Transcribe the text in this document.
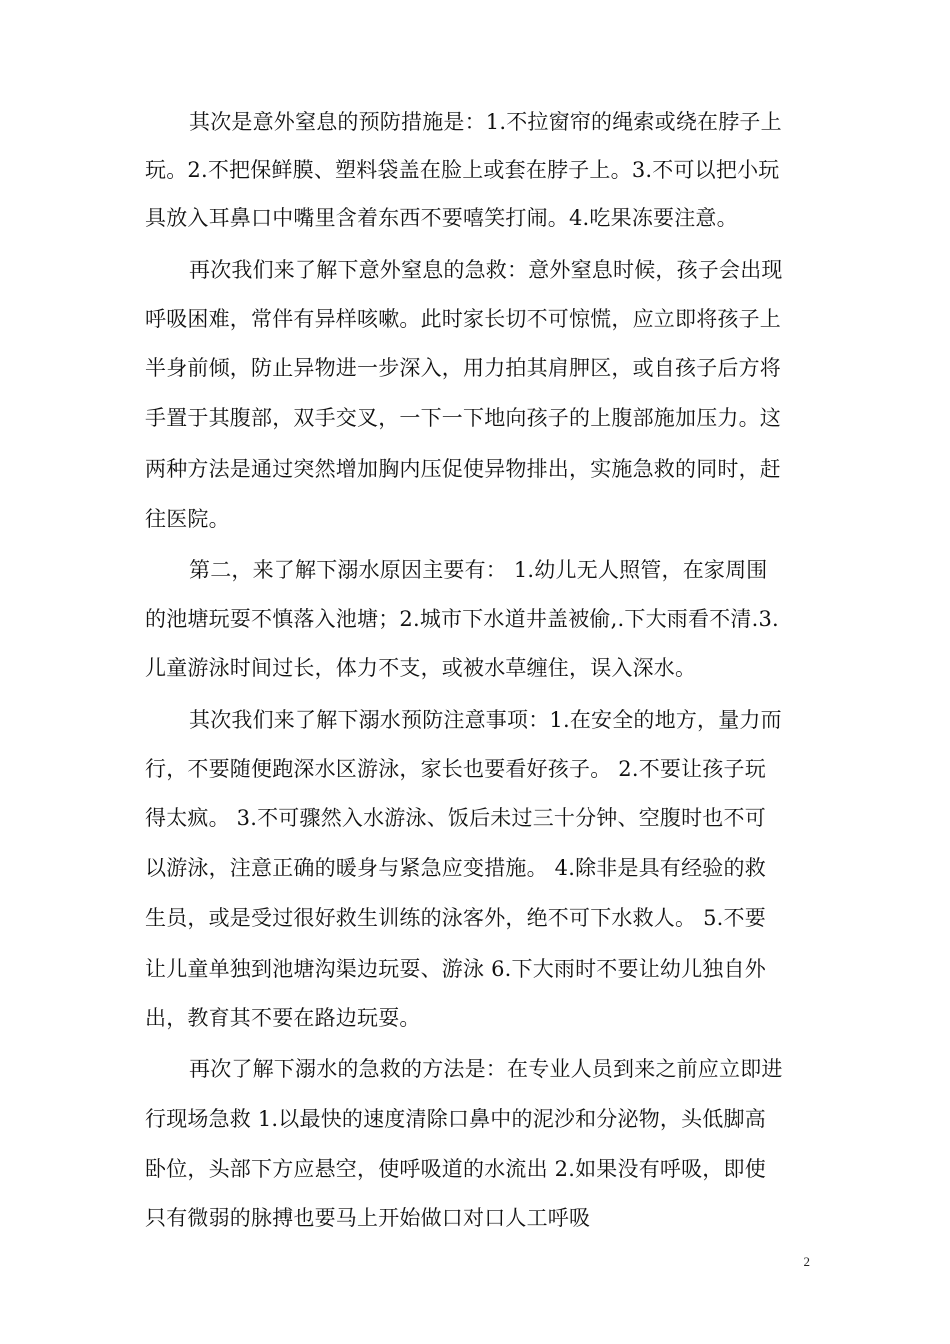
其次是意外窒息的预防措施是：1.不拉窗帘的绳索或绕在脖子上
玩。2.不把保鲜膜、塑料袋盖在脸上或套在脖子上。3.不可以把小玩
具放入耳鼻口中嘴里含着东西不要嘻笑打闹。4.吃果冻要注意。
再次我们来了解下意外窒息的急救：意外窒息时候，孩子会出现
呼吸困难，常伴有异样咳嗽。此时家长切不可惊慌，应立即将孩子上
半身前倾，防止异物进一步深入，用力拍其肩胛区，或自孩子后方将
手置于其腹部，双手交叉，一下一下地向孩子的上腹部施加压力。这
两种方法是通过突然增加胸内压促使异物排出，实施急救的同时，赶
往医院。
第二，来了解下溺水原因主要有： 1.幼儿无人照管，在家周围
的池塘玩耍不慎落入池塘；2.城市下水道井盖被偷,.下大雨看不清.3.
儿童游泳时间过长，体力不支，或被水草缠住，误入深水。
其次我们来了解下溺水预防注意事项：1.在安全的地方，量力而
行，不要随便跑深水区游泳，家长也要看好孩子。 2.不要让孩子玩
得太疯。 3.不可骤然入水游泳、饭后未过三十分钟、空腹时也不可
以游泳，注意正确的暖身与紧急应变措施。 4.除非是具有经验的救
生员，或是受过很好救生训练的泳客外，绝不可下水救人。 5.不要
让儿童单独到池塘沟渠边玩耍、游泳 6.下大雨时不要让幼儿独自外
出，教育其不要在路边玩耍。
再次了解下溺水的急救的方法是：在专业人员到来之前应立即进
行现场急救 1.以最快的速度清除口鼻中的泥沙和分泌物，头低脚高
卧位，头部下方应悬空，使呼吸道的水流出 2.如果没有呼吸，即使
只有微弱的脉搏也要马上开始做口对口人工呼吸
2
